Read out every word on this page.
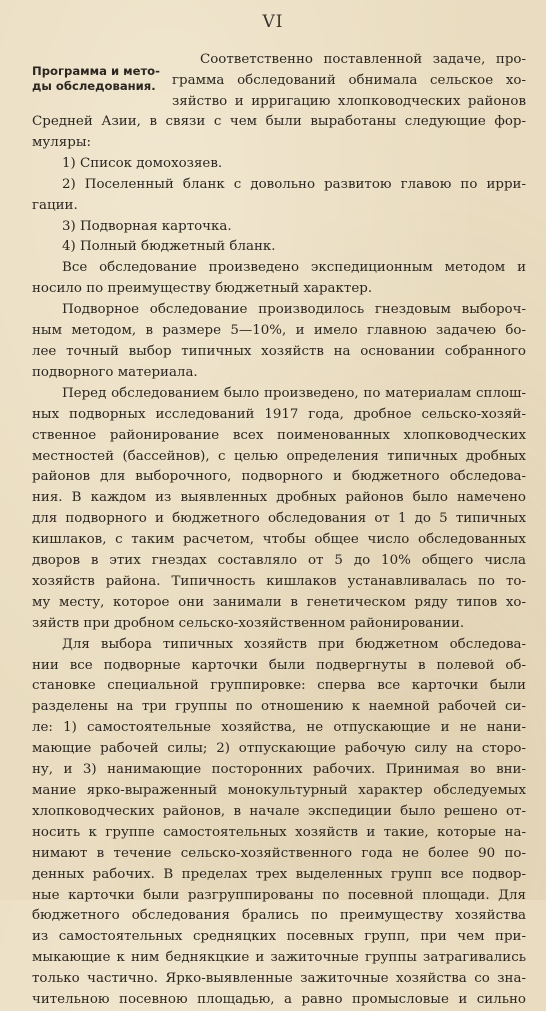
VI
Программа и мето-
ды обследования.
Соответственно поставленной задаче, про-
грамма обследований обнимала сельское хо-
зяйство и ирригацию хлопководческих районов
Средней Азии, в связи с чем были выработаны следующие фор-
муляры:
1) Список домохозяев.
2) Поселенный бланк с довольно развитою главою по ирри-
гации.
3) Подворная карточка.
4) Полный бюджетный бланк.
Все обследование произведено экспедиционным методом и
носило по преимуществу бюджетный характер.
Подворное обследование производилось гнездовым выбороч-
ным методом, в размере 5—10%, и имело главною задачею бо-
лее точный выбор типичных хозяйств на основании собранного
подворного материала.
Перед обследованием было произведено, по материалам сплош-
ных подворных исследований 1917 года, дробное сельско-хозяй-
ственное районирование всех поименованных хлопководческих
местностей (бассейнов), с целью определения типичных дробных
районов для выборочного, подворного и бюджетного обследова-
ния. В каждом из выявленных дробных районов было намечено
для подворного и бюджетного обследования от 1 до 5 типичных
кишлаков, с таким расчетом, чтобы общее число обследованных
дворов в этих гнездах составляло от 5 до 10% общего числа
хозяйств района. Типичность кишлаков устанавливалась по то-
му месту, которое они занимали в генетическом ряду типов хо-
зяйств при дробном сельско-хозяйственном районировании.
Для выбора типичных хозяйств при бюджетном обследова-
нии все подворные карточки были подвергнуты в полевой об-
становке специальной группировке: сперва все карточки были
разделены на три группы по отношению к наемной рабочей си-
ле: 1) самостоятельные хозяйства, не отпускающие и не нани-
мающие рабочей силы; 2) отпускающие рабочую силу на сторо-
ну, и 3) нанимающие посторонних рабочих. Принимая во вни-
мание ярко-выраженный монокультурный характер обследуемых
хлопководческих районов, в начале экспедиции было решено от-
носить к группе самостоятельных хозяйств и такие, которые на-
нимают в течение сельско-хозяйственного года не более 90 по-
денных рабочих. В пределах трех выделенных групп все подвор-
ные карточки были разгруппированы по посевной площади. Для
бюджетного обследования брались по преимуществу хозяйства
из самостоятельных средняцких посевных групп, при чем при-
мыкающие к ним беднякцкие и зажиточные группы затрагивались
только частично. Ярко-выявленные зажиточные хозяйства со зна-
чительною посевною площадью, а равно промысловые и сильно
